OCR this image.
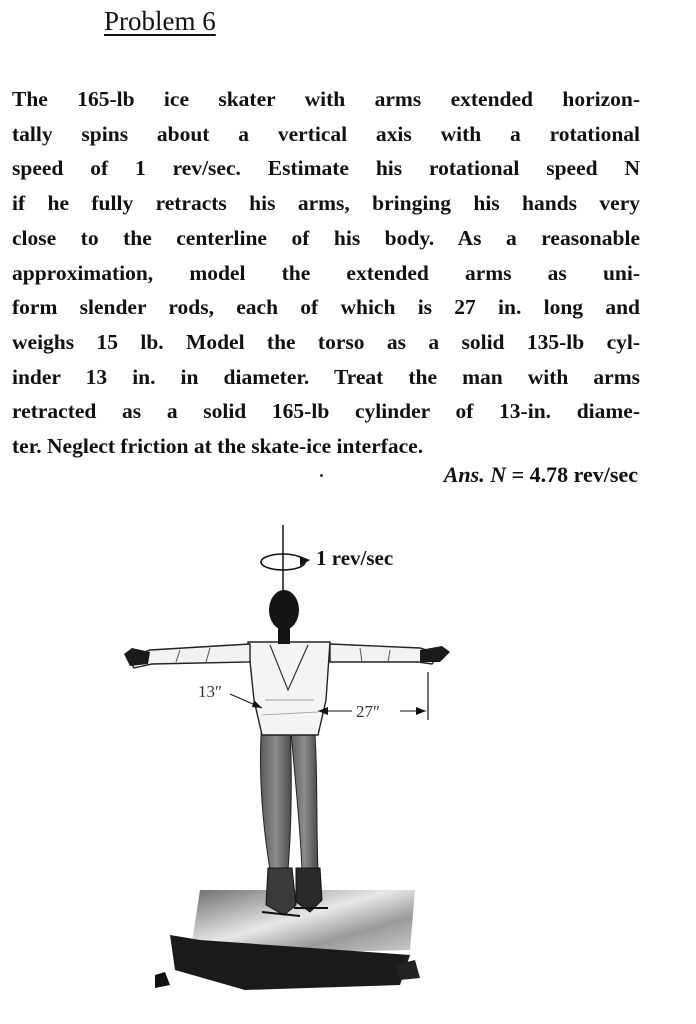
Problem 6
The 165-lb ice skater with arms extended horizon-
tally spins about a vertical axis with a rotational
speed of 1 rev/sec. Estimate his rotational speed N
if he fully retracts his arms, bringing his hands very
close to the centerline of his body. As a reasonable
approximation, model the extended arms as uni-
form slender rods, each of which is 27 in. long and
weighs 15 lb. Model the torso as a solid 135-lb cyl-
inder 13 in. in diameter. Treat the man with arms
retracted as a solid 165-lb cylinder of 13-in. diame-
ter. Neglect friction at the skate-ice interface.
Ans. N = 4.78 rev/sec
1 rev/sec
13″
27″
